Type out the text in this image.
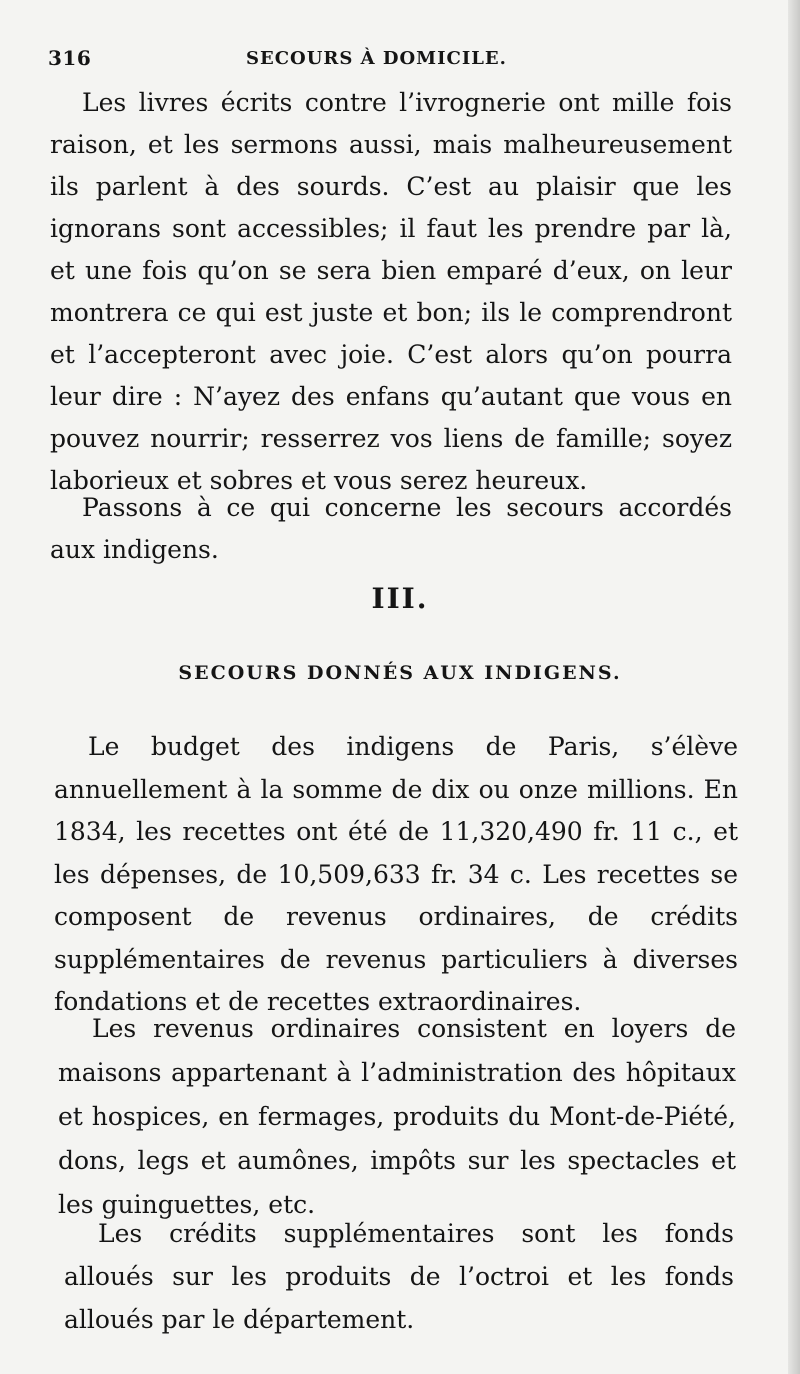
316	SECOURS À DOMICILE.

Les livres écrits contre l’ivrognerie ont mille fois raison, et les sermons aussi, mais malheureusement ils parlent à des sourds. C’est au plaisir que les ignorans sont accessibles; il faut les prendre par là, et une fois qu’on se sera bien emparé d’eux, on leur montrera ce qui est juste et bon; ils le comprendront et l’accepteront avec joie. C’est alors qu’on pourra leur dire : N’ayez des enfans qu’autant que vous en pouvez nourrir; resserrez vos liens de famille; soyez laborieux et sobres et vous serez heureux.

Passons à ce qui concerne les secours accordés aux indigens.

III.
SECOURS DONNÉS AUX INDIGENS.

Le budget des indigens de Paris, s’élève annuellement à la somme de dix ou onze millions. En 1834, les recettes ont été de 11,320,490 fr. 11 c., et les dépenses, de 10,509,633 fr. 34 c. Les recettes se composent de revenus ordinaires, de crédits supplémentaires de revenus particuliers à diverses fondations et de recettes extraordinaires.

Les revenus ordinaires consistent en loyers de maisons appartenant à l’administration des hôpitaux et hospices, en fermages, produits du Mont-de-Piété, dons, legs et aumônes, impôts sur les spectacles et les guinguettes, etc.

Les crédits supplémentaires sont les fonds alloués sur les produits de l’octroi et les fonds alloués par le département.
